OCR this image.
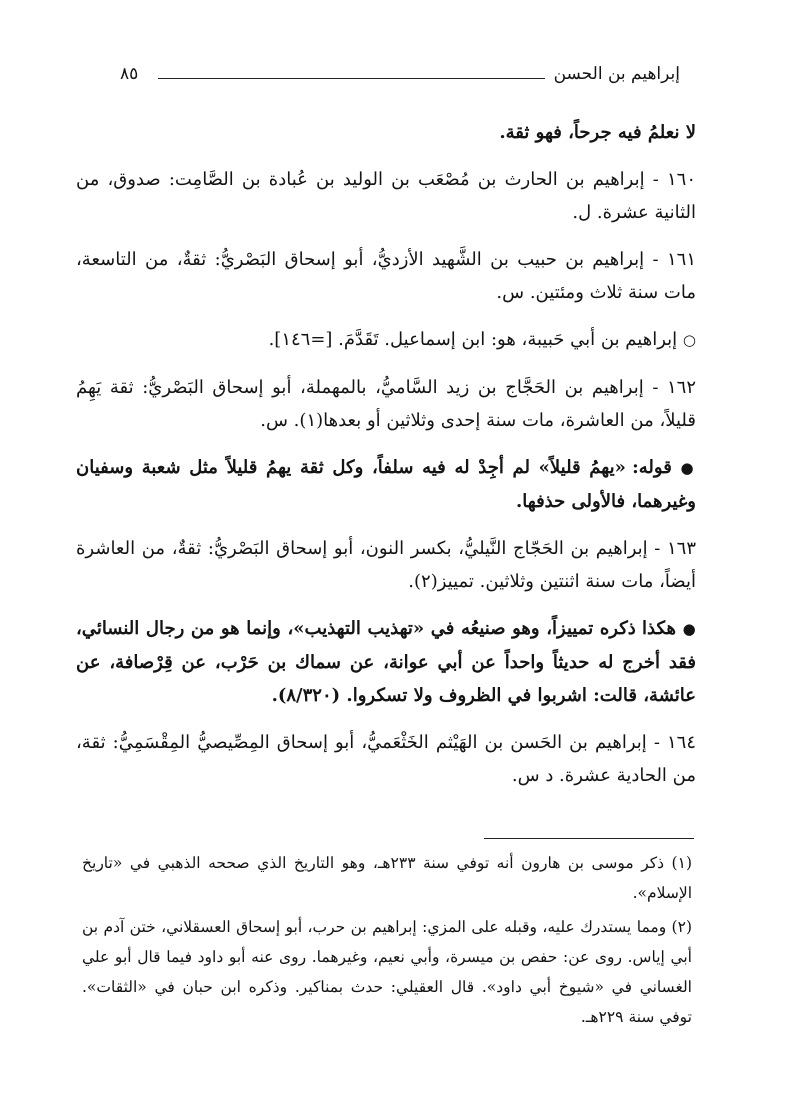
إبراهيم بن الحسن
٨٥

لا نعلمُ فيه جرحاً، فهو ثقة.

١٦٠ - إبراهيم بن الحارث بن مُصْعَب بن الوليد بن عُبادة بن الصَّامِت: صدوق، من الثانية عشرة. ل.

١٦١ - إبراهيم بن حبيب بن الشَّهيد الأزديُّ، أبو إسحاق البَصْريُّ: ثقةٌ، من التاسعة، مات سنة ثلاث ومئتين. س.

○ إبراهيم بن أبي حَبيبة، هو: ابن إسماعيل. تَقَدَّمَ. [=١٤٦].

١٦٢ - إبراهيم بن الحَجَّاج بن زيد السَّاميُّ، بالمهملة، أبو إسحاق البَصْريُّ: ثقة يَهِمُ قليلاً، من العاشرة، مات سنة إحدى وثلاثين أو بعدها(١). س.

● قوله: «يهمُ قليلاً» لم أجِدْ له فيه سلفاً، وكل ثقة يهمُ قليلاً مثل شعبة وسفيان وغيرهما، فالأولى حذفها.

١٦٣ - إبراهيم بن الحَجّاج النَّيليُّ، بكسر النون، أبو إسحاق البَصْريُّ: ثقةٌ، من العاشرة أيضاً، مات سنة اثنتين وثلاثين. تمييز(٢).

● هكذا ذكره تمييزاً، وهو صنيعُه في «تهذيب التهذيب»، وإنما هو من رجال النسائي، فقد أخرج له حديثاً واحداً عن أبي عوانة، عن سماك بن حَرْب، عن قِرْصافة، عن عائشة، قالت: اشربوا في الظروف ولا تسكروا. (٨/٣٢٠).

١٦٤ - إبراهيم بن الحَسن بن الهَيْثم الخَثْعَميُّ، أبو إسحاق المِصِّيصيُّ المِقْسَمِيُّ: ثقة، من الحادية عشرة. د س.

(١) ذكر موسى بن هارون أنه توفي سنة ٢٣٣هـ، وهو التاريخ الذي صححه الذهبي في «تاريخ الإسلام».

(٢) ومما يستدرك عليه، وقبله على المزي: إبراهيم بن حرب، أبو إسحاق العسقلاني، ختن آدم بن أبي إياس. روى عن: حفص بن ميسرة، وأبي نعيم، وغيرهما. روى عنه أبو داود فيما قال أبو علي الغساني في «شيوخ أبي داود». قال العقيلي: حدث بمناكير. وذكره ابن حبان في «الثقات». توفي سنة ٢٢٩هـ.
